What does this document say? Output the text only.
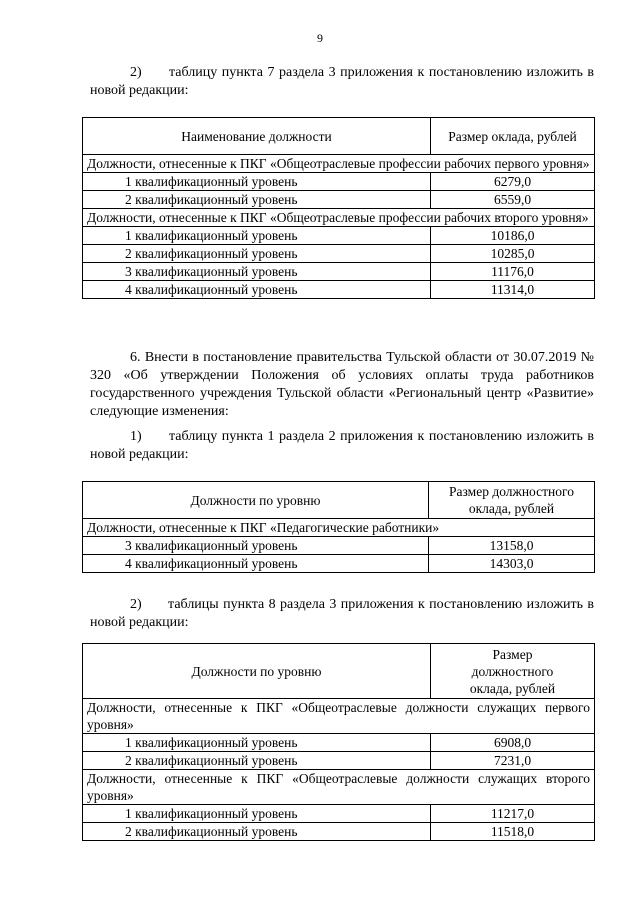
9
2)      таблицу пункта 7 раздела 3 приложения к постановлению изложить в новой редакции:
Наименование должности	Размер оклада, рублей
Должности, отнесенные к ПКГ «Общеотраслевые профессии рабочих первого уровня»	
1 квалификационный уровень	6279,0
2 квалификационный уровень	6559,0
Должности, отнесенные к ПКГ «Общеотраслевые профессии рабочих второго уровня»	
1 квалификационный уровень	10186,0
2 квалификационный уровень	10285,0
3 квалификационный уровень	11176,0
4 квалификационный уровень	11314,0
6. Внести в постановление правительства Тульской области от 30.07.2019 № 320 «Об утверждении Положения об условиях оплаты труда работников государственного учреждения Тульской области «Региональный центр «Развитие» следующие изменения:
1)      таблицу пункта 1 раздела 2 приложения к постановлению изложить в новой редакции:
Должности по уровню	Размер должностного оклада, рублей
Должности, отнесенные к ПКГ «Педагогические работники»	
3 квалификационный уровень	13158,0
4 квалификационный уровень	14303,0
2)      таблицы пункта 8 раздела 3 приложения к постановлению изложить в новой редакции:
Должности по уровню	Размер должностного оклада, рублей
Должности, отнесенные к ПКГ «Общеотраслевые должности служащих первого уровня»	
1 квалификационный уровень	6908,0
2 квалификационный уровень	7231,0
Должности, отнесенные к ПКГ «Общеотраслевые должности служащих второго уровня»	
1 квалификационный уровень	11217,0
2 квалификационный уровень	11518,0
